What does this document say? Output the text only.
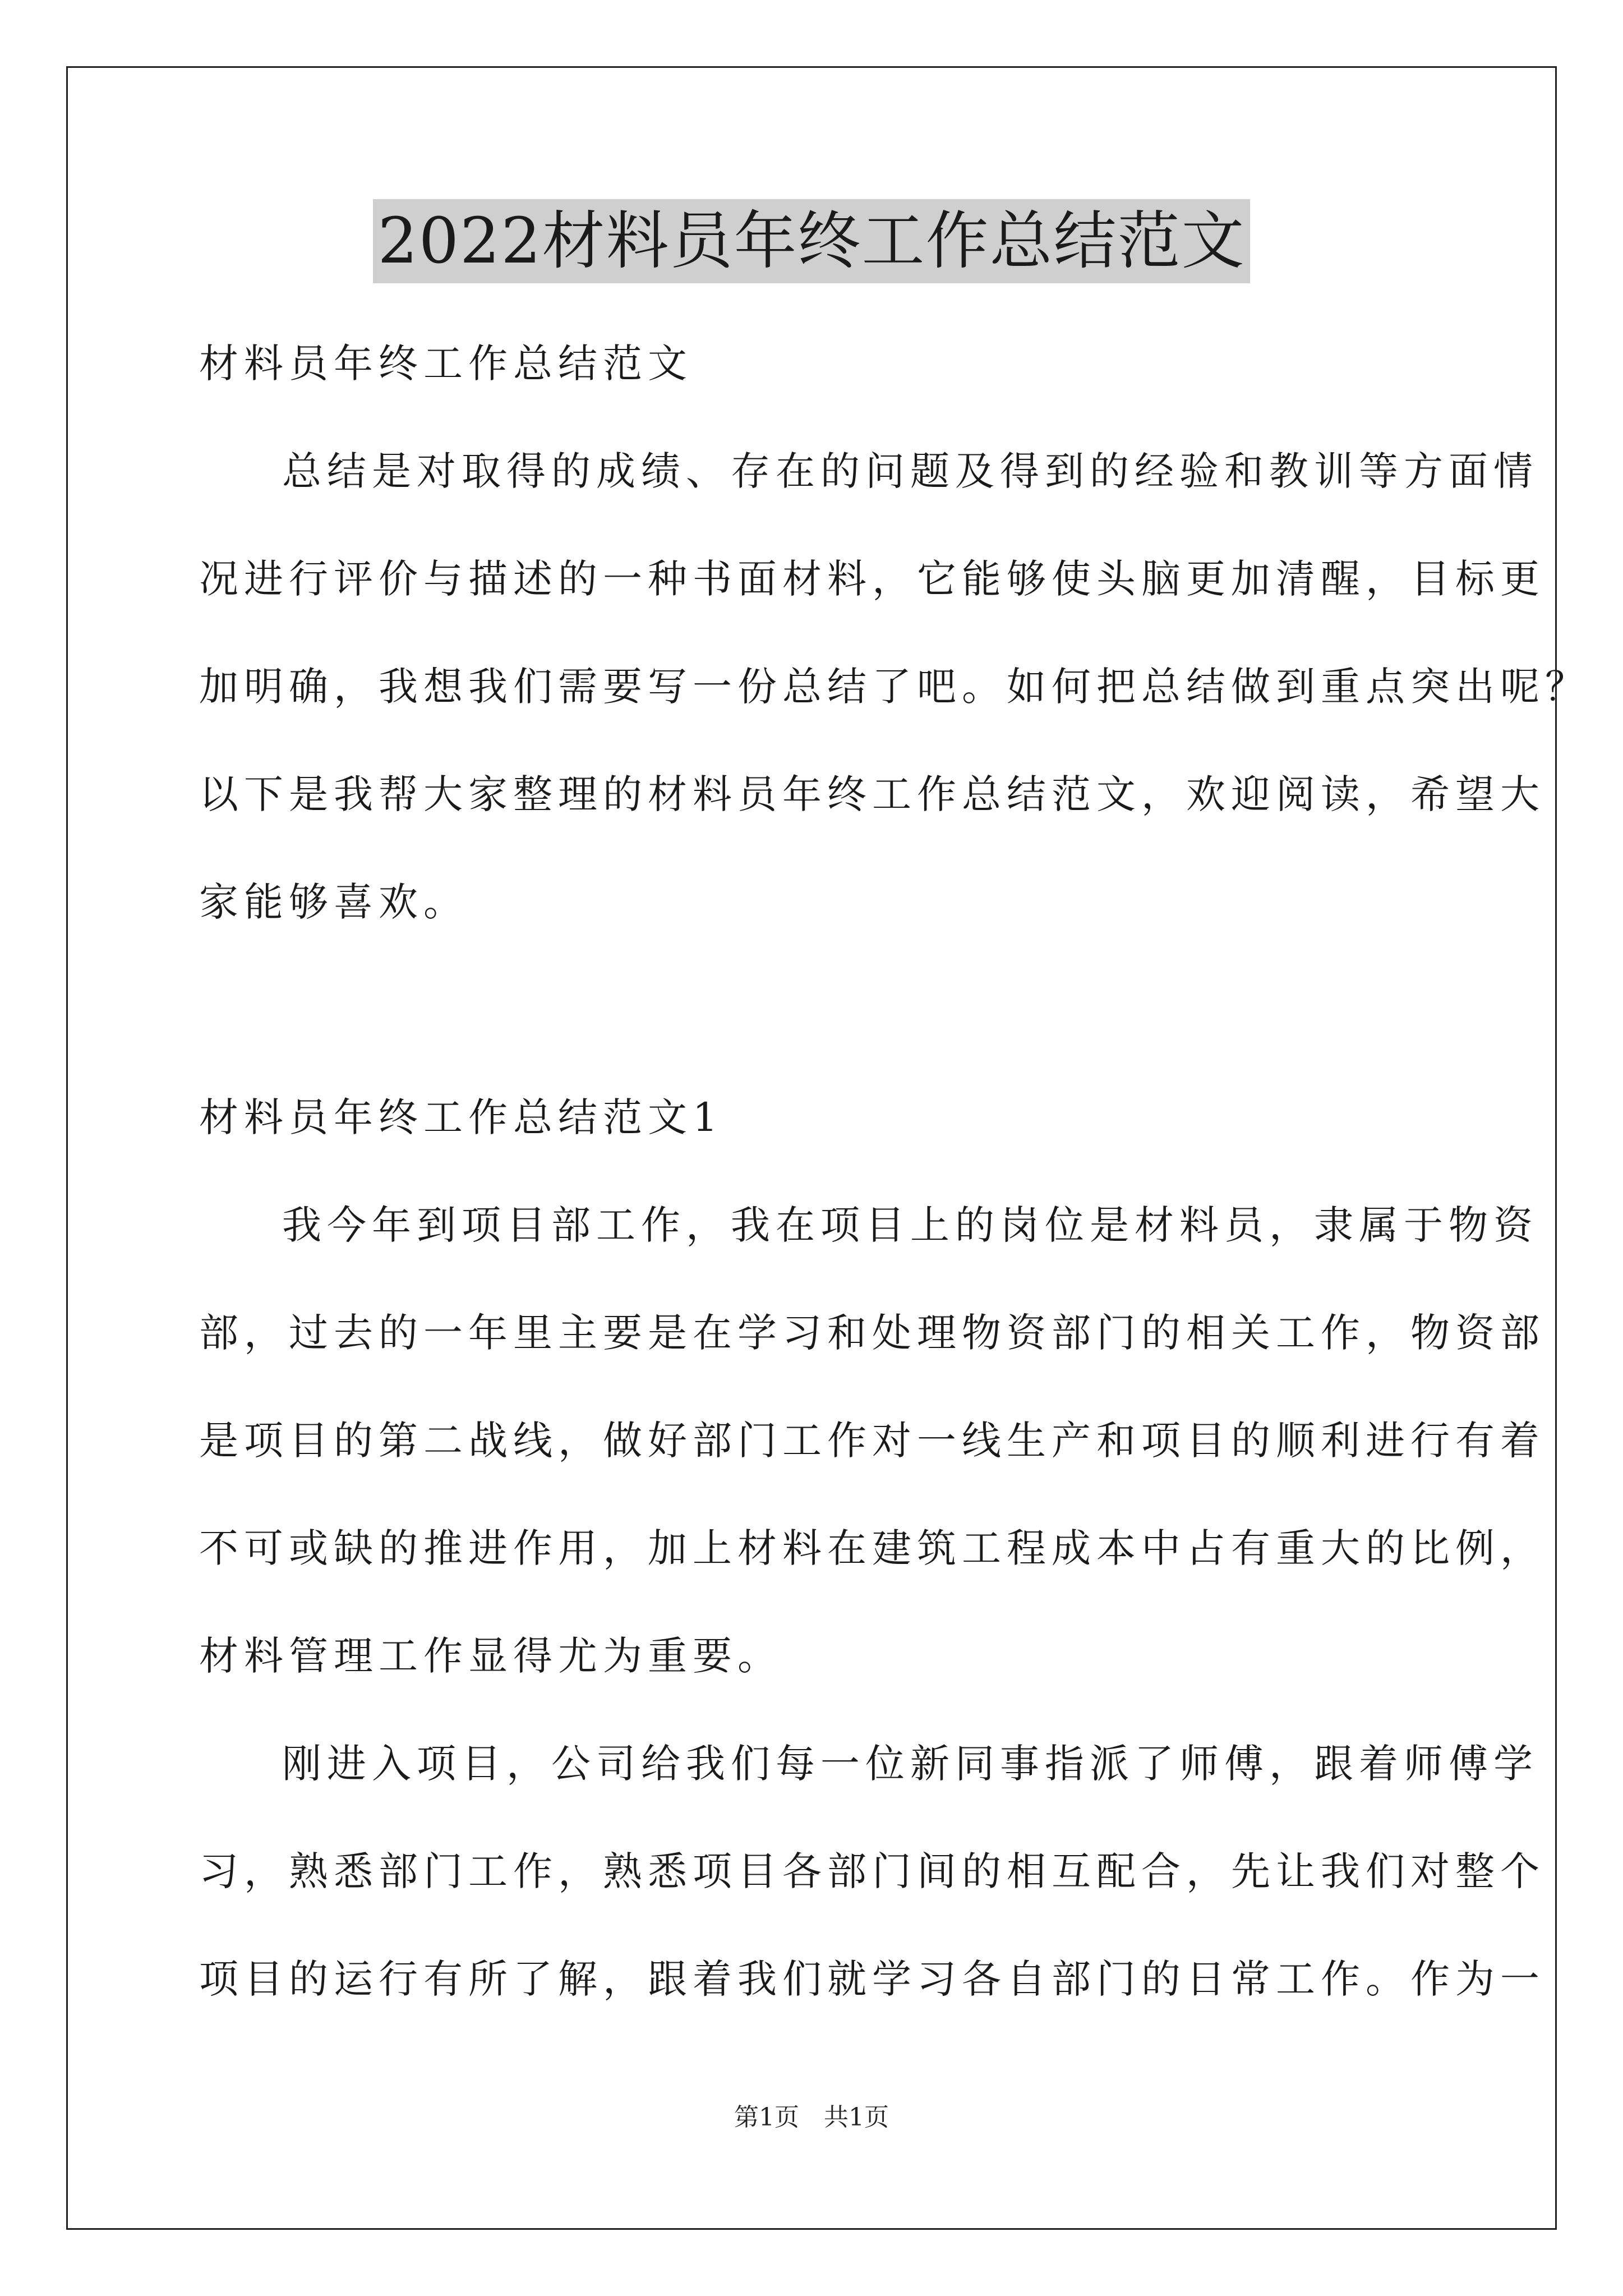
2022材料员年终工作总结范文
材料员年终工作总结范文
总结是对取得的成绩、存在的问题及得到的经验和教训等方面情
况进行评价与描述的一种书面材料，它能够使头脑更加清醒，目标更
加明确，我想我们需要写一份总结了吧。如何把总结做到重点突出呢？
以下是我帮大家整理的材料员年终工作总结范文，欢迎阅读，希望大
家能够喜欢。
材料员年终工作总结范文1
我今年到项目部工作，我在项目上的岗位是材料员，隶属于物资
部，过去的一年里主要是在学习和处理物资部门的相关工作，物资部
是项目的第二战线，做好部门工作对一线生产和项目的顺利进行有着
不可或缺的推进作用，加上材料在建筑工程成本中占有重大的比例，
材料管理工作显得尤为重要。
刚进入项目，公司给我们每一位新同事指派了师傅，跟着师傅学
习，熟悉部门工作，熟悉项目各部门间的相互配合，先让我们对整个
项目的运行有所了解，跟着我们就学习各自部门的日常工作。作为一
第1页　共1页
